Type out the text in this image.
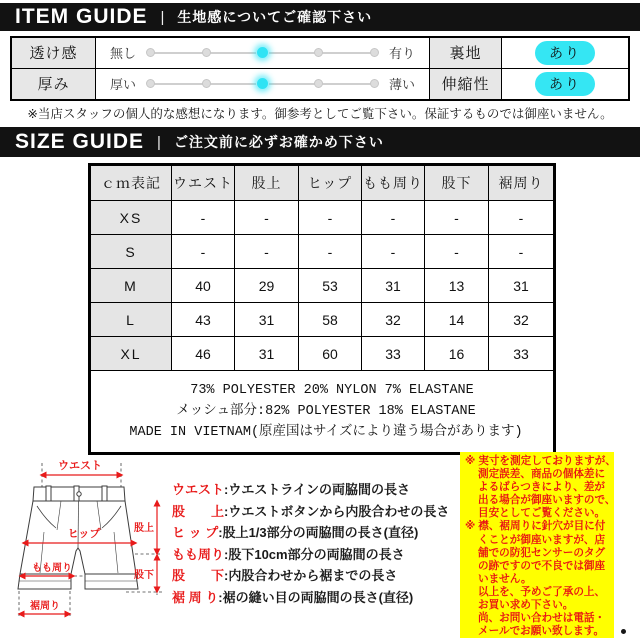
ITEM GUIDE | 生地感についてご確認下さい
透け感	無し	有り	裏地	あり
厚み	厚い	薄い	伸縮性	あり
※当店スタッフの個人的な感想になります。御参考としてご覧下さい。保証するものでは御座いません。
SIZE GUIDE | ご注文前に必ずお確かめ下さい
ｃｍ表記	ウエスト	股上	ヒップ	もも周り	股下	裾周り
XS	-	-	-	-	-	-
S	-	-	-	-	-	-
M	40	29	53	31	13	31
L	43	31	58	32	14	32
XL	46	31	60	33	16	33

73% POLYESTER 20% NYLON 7% ELASTANE
メッシュ部分:82% POLYESTER 18% ELASTANE
MADE IN VIETNAM(原産国はサイズにより違う場合があります)						
ウエスト
ヒップ	股上
股下
もも周り
裾周り
ウエスト:ウエストラインの両脇間の長さ
股　　上:ウエストボタンから内股合わせの長さ
ヒ ッ プ:股上1/3部分の両脇間の長さ(直径)
もも周り:股下10cm部分の両脇間の長さ
股　　下:内股合わせから裾までの長さ
裾 周 り:裾の縫い目の両脇間の長さ(直径)
※ 実寸を測定しておりますが、
測定誤差、商品の個体差に
よるばらつきにより、差が
出る場合が御座いますので、
目安としてご覧ください。
※ 襟、裾周りに針穴が目に付
くことが御座いますが、店
舗での防犯センサーのタグ
の跡ですので不良では御座
いません。
以上を、予めご了承の上、
お買い求め下さい。
尚、お問い合わせは電話・
メールでお願い致します。
